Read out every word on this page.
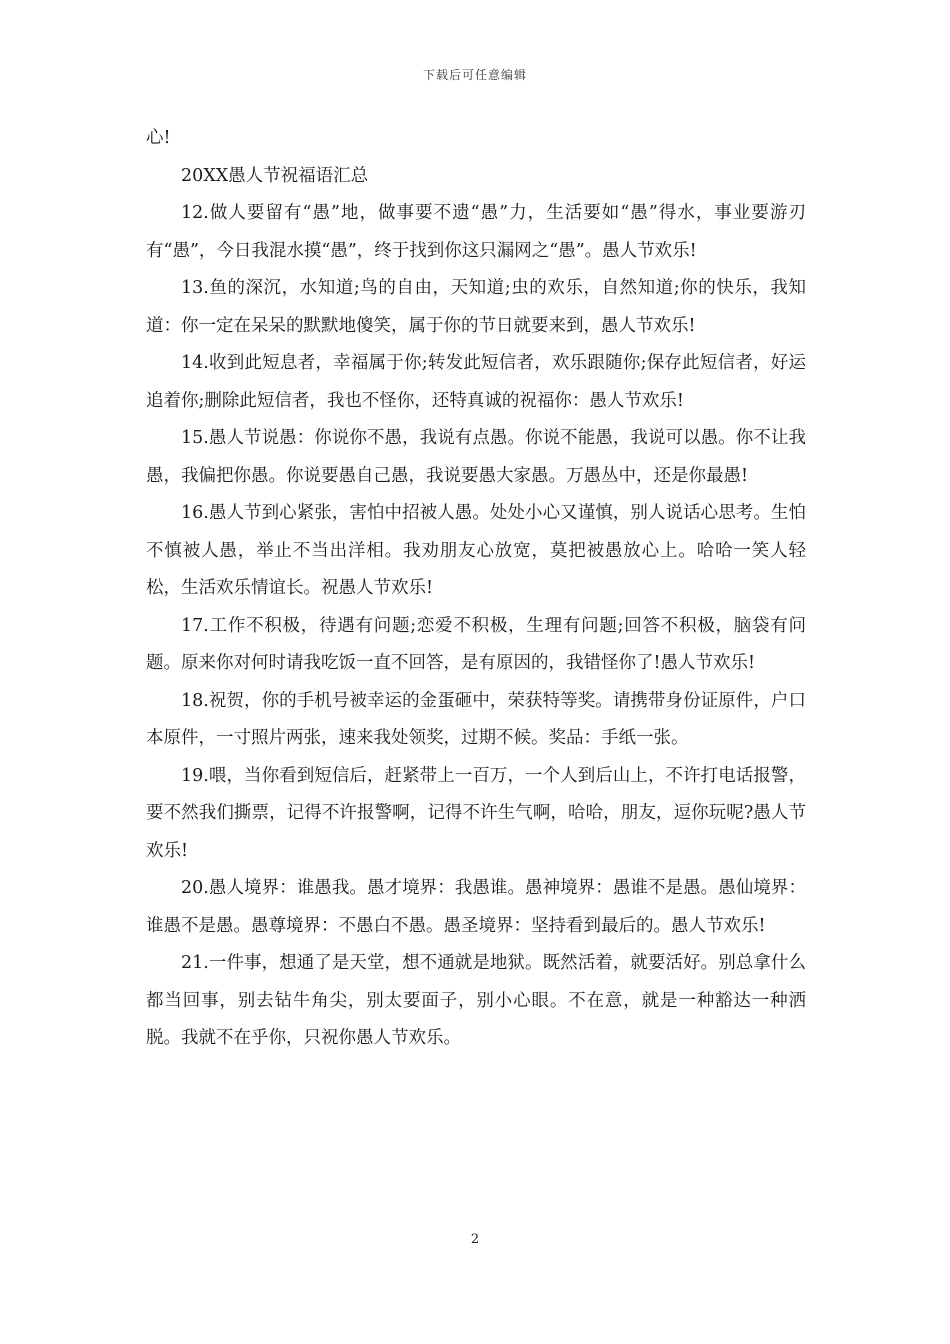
下载后可任意编辑

心!

20XX愚人节祝福语汇总

12.做人要留有“愚”地，做事要不遗“愚”力，生活要如“愚”得水，事业要游刃有“愚”，今日我混水摸“愚”，终于找到你这只漏网之“愚”。愚人节欢乐!

13.鱼的深沉，水知道;鸟的自由，天知道;虫的欢乐，自然知道;你的快乐，我知道：你一定在呆呆的默默地傻笑，属于你的节日就要来到，愚人节欢乐!

14.收到此短息者，幸福属于你;转发此短信者，欢乐跟随你;保存此短信者，好运追着你;删除此短信者，我也不怪你，还特真诚的祝福你：愚人节欢乐!

15.愚人节说愚：你说你不愚，我说有点愚。你说不能愚，我说可以愚。你不让我愚，我偏把你愚。你说要愚自己愚，我说要愚大家愚。万愚丛中，还是你最愚!

16.愚人节到心紧张，害怕中招被人愚。处处小心又谨慎，别人说话心思考。生怕不慎被人愚，举止不当出洋相。我劝朋友心放宽，莫把被愚放心上。哈哈一笑人轻松，生活欢乐情谊长。祝愚人节欢乐!

17.工作不积极，待遇有问题;恋爱不积极，生理有问题;回答不积极，脑袋有问题。原来你对何时请我吃饭一直不回答，是有原因的，我错怪你了!愚人节欢乐!

18.祝贺，你的手机号被幸运的金蛋砸中，荣获特等奖。请携带身份证原件，户口本原件，一寸照片两张，速来我处领奖，过期不候。奖品：手纸一张。

19.喂，当你看到短信后，赶紧带上一百万，一个人到后山上，不许打电话报警，要不然我们撕票，记得不许报警啊，记得不许生气啊，哈哈，朋友，逗你玩呢?愚人节欢乐!

20.愚人境界：谁愚我。愚才境界：我愚谁。愚神境界：愚谁不是愚。愚仙境界：谁愚不是愚。愚尊境界：不愚白不愚。愚圣境界：坚持看到最后的。愚人节欢乐!

21.一件事，想通了是天堂，想不通就是地狱。既然活着，就要活好。别总拿什么都当回事，别去钻牛角尖，别太要面子，别小心眼。不在意，就是一种豁达一种洒脱。我就不在乎你，只祝你愚人节欢乐。

2
